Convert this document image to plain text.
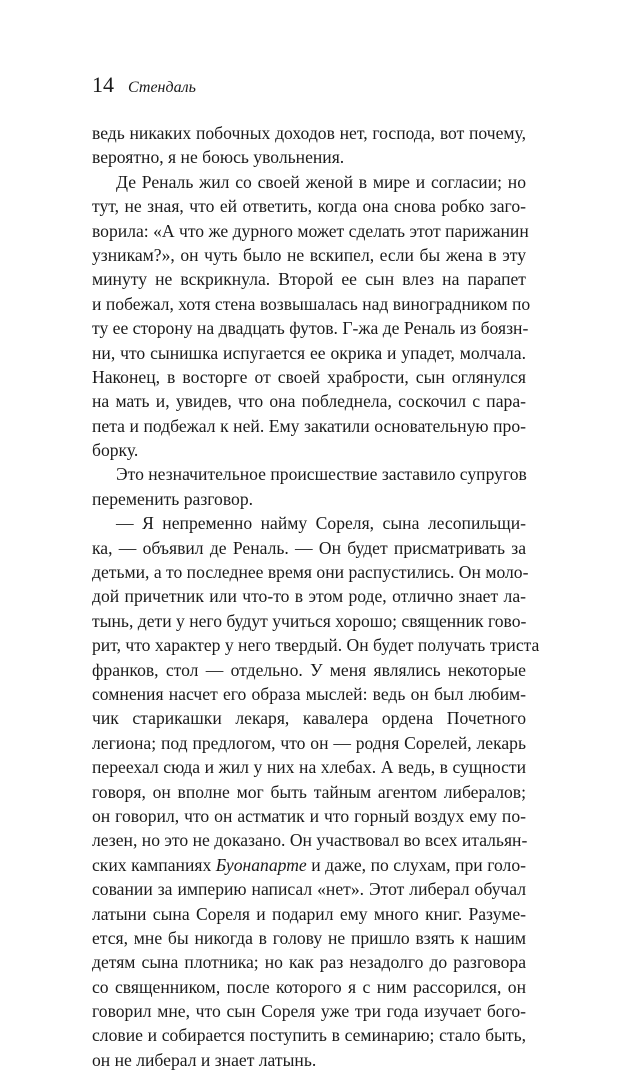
14 Стендаль
ведь никаких побочных доходов нет, господа, вот почему,
вероятно, я не боюсь увольнения.
Де Реналь жил со своей женой в мире и согласии; но
тут, не зная, что ей ответить, когда она снова робко заго-
ворила: «А что же дурного может сделать этот парижанин
узникам?», он чуть было не вскипел, если бы жена в эту
минуту не вскрикнула. Второй ее сын влез на парапет
и побежал, хотя стена возвышалась над виноградником по
ту ее сторону на двадцать футов. Г-жа де Реналь из боязн-
ни, что сынишка испугается ее окрика и упадет, молчала.
Наконец, в восторге от своей храбрости, сын оглянулся
на мать и, увидев, что она побледнела, соскочил с пара-
пета и подбежал к ней. Ему закатили основательную про-
борку.
Это незначительное происшествие заставило супругов
переменить разговор.
— Я непременно найму Сореля, сына лесопильщи-
ка, — объявил де Реналь. — Он будет присматривать за
детьми, а то последнее время они распустились. Он моло-
дой причетник или что-то в этом роде, отлично знает ла-
тынь, дети у него будут учиться хорошо; священник гово-
рит, что характер у него твердый. Он будет получать триста
франков, стол — отдельно. У меня являлись некоторые
сомнения насчет его образа мыслей: ведь он был любим-
чик старикашки лекаря, кавалера ордена Почетного
легиона; под предлогом, что он — родня Сорелей, лекарь
переехал сюда и жил у них на хлебах. А ведь, в сущности
говоря, он вполне мог быть тайным агентом либералов;
он говорил, что он астматик и что горный воздух ему по-
лезен, но это не доказано. Он участвовал во всех итальян-
ских кампаниях Буонапарте и даже, по слухам, при голо-
совании за империю написал «нет». Этот либерал обучал
латыни сына Сореля и подарил ему много книг. Разуме-
ется, мне бы никогда в голову не пришло взять к нашим
детям сына плотника; но как раз незадолго до разговора
со священником, после которого я с ним рассорился, он
говорил мне, что сын Сореля уже три года изучает бого-
словие и собирается поступить в семинарию; стало быть,
он не либерал и знает латынь.
